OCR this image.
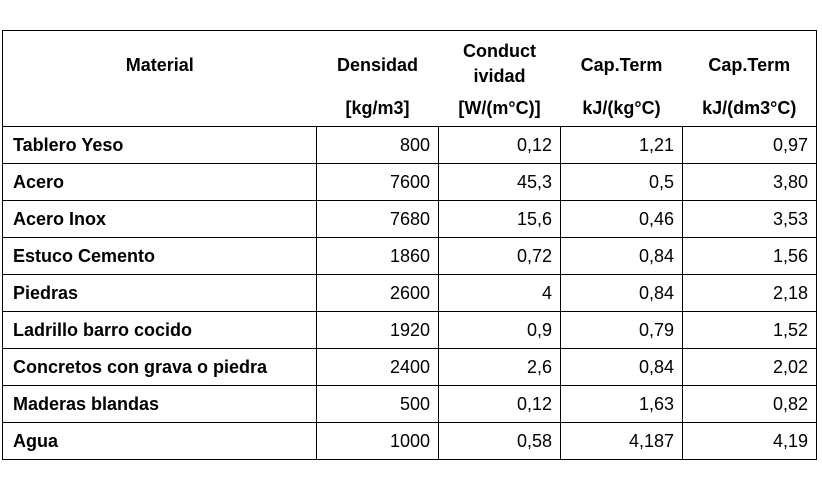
Material	Densidad	Conductividad	Cap.Term	Cap.Term
	[kg/m3]	[W/(m°C)]	kJ/(kg°C)	kJ/(dm3°C)
Tablero Yeso	800	0,12	1,21	0,97
Acero	7600	45,3	0,5	3,80
Acero Inox	7680	15,6	0,46	3,53
Estuco Cemento	1860	0,72	0,84	1,56
Piedras	2600	4	0,84	2,18
Ladrillo barro cocido	1920	0,9	0,79	1,52
Concretos con grava o piedra	2400	2,6	0,84	2,02
Maderas blandas	500	0,12	1,63	0,82
Agua	1000	0,58	4,187	4,19
